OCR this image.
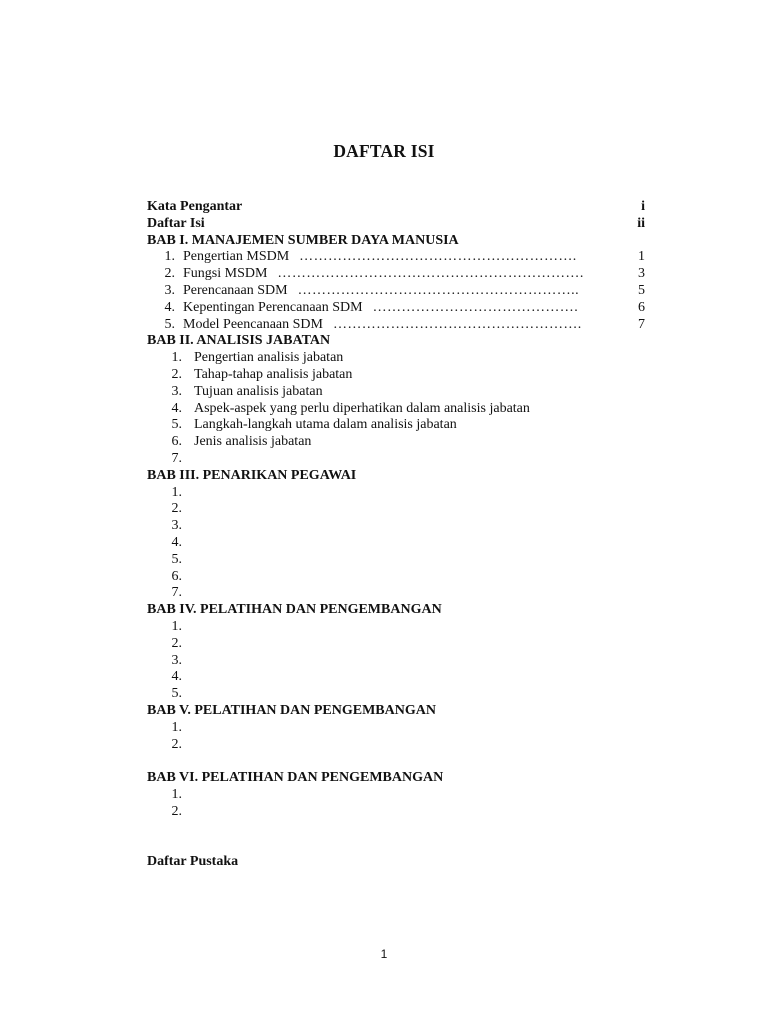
DAFTAR ISI
Kata Pengantar	i
Daftar Isi	ii
BAB I. MANAJEMEN SUMBER DAYA MANUSIA
1. Pengertian MSDM ………………………………………………….	1
2. Fungsi MSDM ……………………………………………………….	3
3. Perencanaan SDM …………………………………………………..	5
4. Kepentingan Perencanaan SDM …………………………………….	6
5. Model Peencanaan SDM …………………………………………….	7
BAB II. ANALISIS JABATAN
1. Pengertian analisis jabatan
2. Tahap-tahap analisis jabatan
3. Tujuan analisis jabatan
4. Aspek-aspek yang perlu diperhatikan dalam analisis jabatan
5. Langkah-langkah utama dalam analisis jabatan
6. Jenis analisis jabatan
7.
BAB III. PENARIKAN PEGAWAI
1.
2.
3.
4.
5.
6.
7.
BAB IV. PELATIHAN DAN PENGEMBANGAN
1.
2.
3.
4.
5.
BAB V. PELATIHAN DAN PENGEMBANGAN
1.
2.
BAB VI. PELATIHAN DAN PENGEMBANGAN
1.
2.
Daftar Pustaka
1
